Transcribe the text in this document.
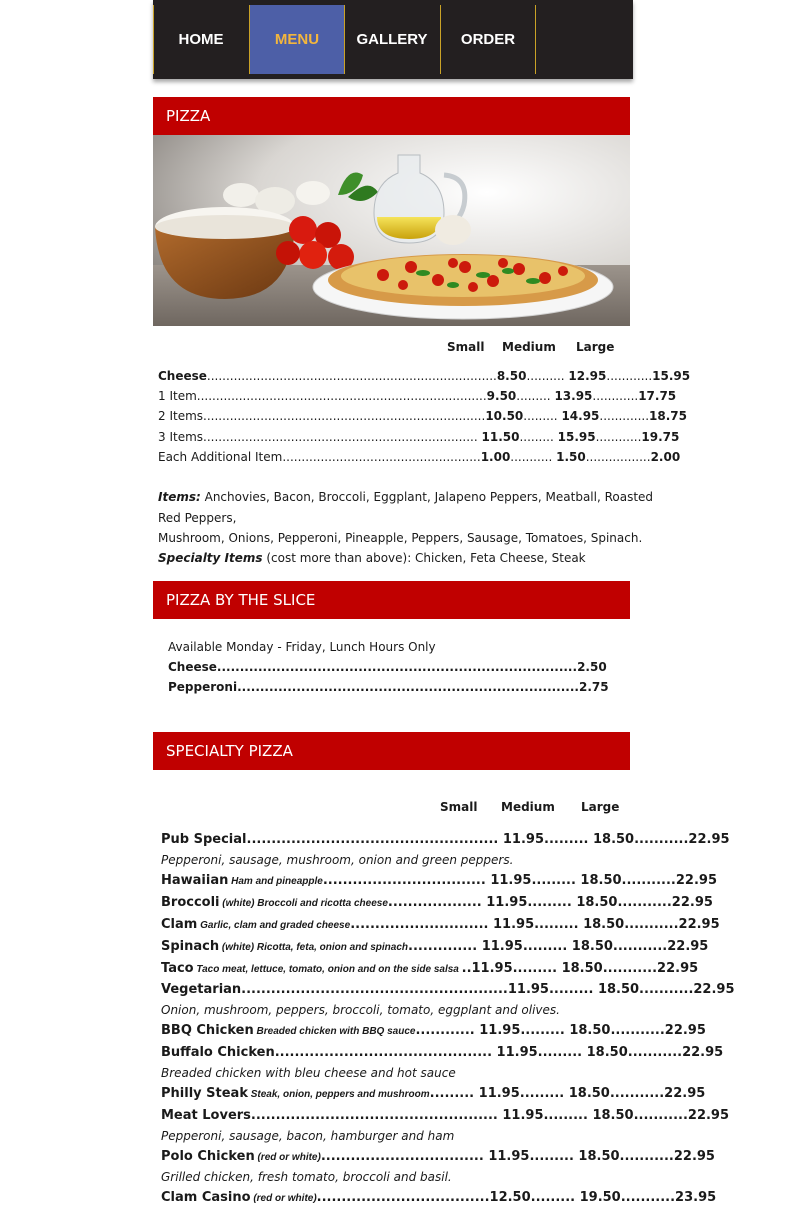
HOME	MENU	GALLERY	ORDER
PIZZA
Small Medium Large
Cheese............................................................................8.50.......... 12.95............15.95
1 Item............................................................................9.50......... 13.95............17.75
2 Items..........................................................................10.50......... 14.95.............18.75
3 Items........................................................................ 11.50......... 15.95............19.75
Each Additional Item....................................................1.00........... 1.50.................2.00
Items: Anchovies, Bacon, Broccoli, Eggplant, Jalapeno Peppers, Meatball, Roasted
Red Peppers,
Mushroom, Onions, Pepperoni, Pineapple, Peppers, Sausage, Tomatoes, Spinach.
Specialty Items (cost more than above): Chicken, Feta Cheese, Steak
PIZZA BY THE SLICE
Available Monday - Friday, Lunch Hours Only
Cheese...............................................................................2.50
Pepperoni...........................................................................2.75
SPECIALTY PIZZA
Small Medium Large
Pub Special................................................... 11.95......... 18.50...........22.95
Pepperoni, sausage, mushroom, onion and green peppers.
Hawaiian Ham and pineapple................................. 11.95......... 18.50...........22.95
Broccoli (white) Broccoli and ricotta cheese................... 11.95......... 18.50...........22.95
Clam Garlic, clam and graded cheese............................ 11.95......... 18.50...........22.95
Spinach (white) Ricotta, feta, onion and spinach.............. 11.95......... 18.50...........22.95
Taco Taco meat, lettuce, tomato, onion and on the side salsa ..11.95......... 18.50...........22.95
Vegetarian......................................................11.95......... 18.50...........22.95
Onion, mushroom, peppers, broccoli, tomato, eggplant and olives.
BBQ Chicken Breaded chicken with BBQ sauce............ 11.95......... 18.50...........22.95
Buffalo Chicken............................................ 11.95......... 18.50...........22.95
Breaded chicken with bleu cheese and hot sauce
Philly Steak Steak, onion, peppers and mushroom......... 11.95......... 18.50...........22.95
Meat Lovers.................................................. 11.95......... 18.50...........22.95
Pepperoni, sausage, bacon, hamburger and ham
Polo Chicken (red or white)................................. 11.95......... 18.50...........22.95
Grilled chicken, fresh tomato, broccoli and basil.
Clam Casino (red or white)...................................12.50......... 19.50...........23.95
